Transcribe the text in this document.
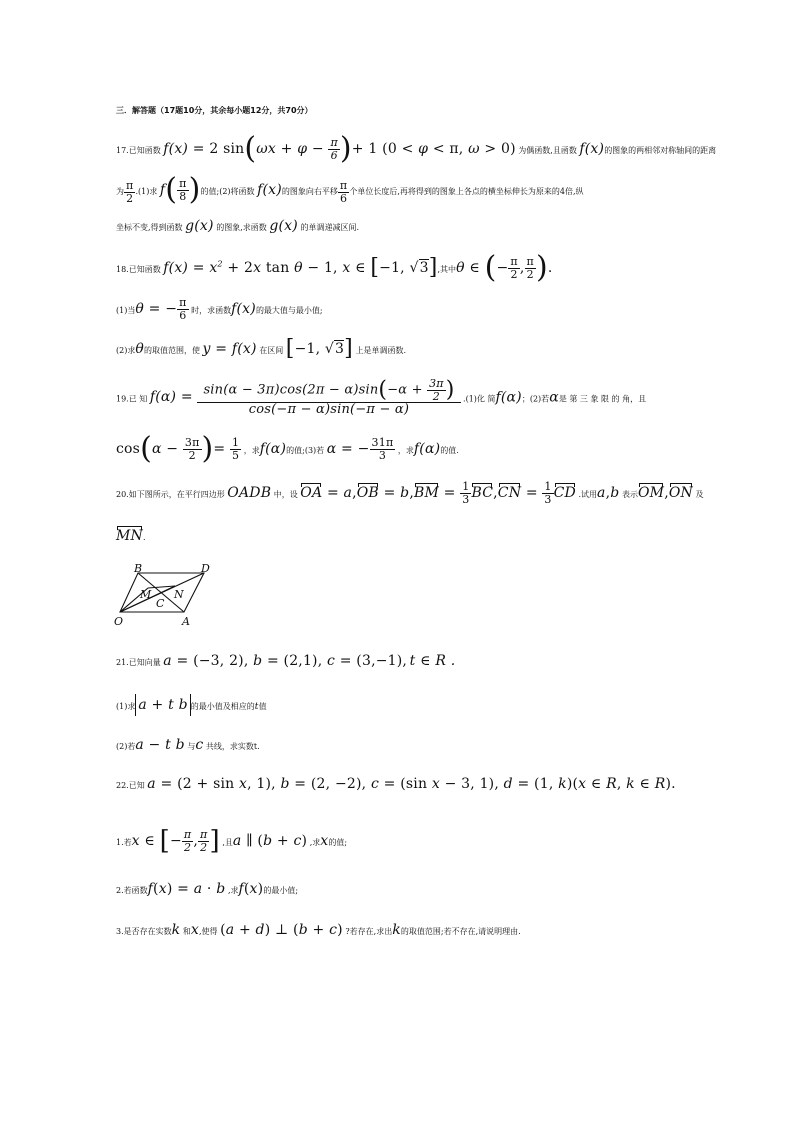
三．解答题（17题10分，其余每小题12分，共70分）
17.已知函数 f(x) = 2 $\sin(\omega x + \varphi - \frac{\pi}{6}$ )+ 1 (0 < φ < π, ω > 0) 为偶函数,且函数 f(x)的图象的两相邻对称轴间的距离
为 $\frac{\pi}{2} .(1)$求 $f( \frac{\pi}{8}$ )的值;(2)将函数 f(x)的图象向右平移 $\frac{\pi}{6}$ 个单位长度后,再将得到的图象上各点的横坐标伸长为原来的4倍,纵
坐标不变,得到函数 g(x) 的图象,求函数 g(x) 的单调递减区间.
18.已知函数 $f(x) = x^2 + 2x$ tan θ − 1, x ∈ [−1, √3],其中θ ∈ (− $\frac{\pi}{2}$ , $\frac{\pi}{2}$ ).
(1)当θ = − $\frac{\pi}{6}$ 时，求函数f(x)的最大值与最小值;
(2)求θ的取值范围，使 y = f(x) 在区间 [−1, √3] 上是单调函数.
19.已 知 $f(\alpha) = \frac{\sin(\alpha - 3\pi)\cos(2\pi - \alpha)\sin(-\alpha + \frac{3\pi}{2} )}{\cos(-\pi - \alpha)\sin(-\pi - \alpha)} .(1)$化 简f(α)；(2)若α是 第 三 象 限 的 角，且
$\cos(\alpha - \frac{3\pi}{2}$ )= $\frac{1}{5}$ ，求f(α)的值;(3)若 α = − $\frac{31\pi}{3}$ ，求f(α)的值.
20.如下图所示，在平行四边形 OADB 中，设 OA = $a,OB = b,BM = \frac{1}{3} BC,CN = \frac{1}{3}$ CD .试用a,b 表示OM,ON 及
MN.
B	D
M N
C
O	A
21.已知向量 a = (−3, 2), b = (2,1), c = (3,−1), t ∈ R .
(1)求 a + t b 的最小值及相应的t值
(2)若a − t b 与c 共线，求实数t.
22.已知 a = (2 + sin x, 1), b = (2, −2), c = (sin x − 3, 1), d = (1, k)(x ∈ R, k ∈ R).
1.若x ∈ [− $\frac{\pi}{2}$ , $\frac{\pi}{2}$ ] ,且a ∥ (b + c) ,求x的值;
2.若函数f(x) = a · b ,求f(x)的最小值;
3.是否存在实数k 和x,使得 (a + d) ⊥ (b + c) ?若存在,求出k的取值范围;若不存在,请说明理由.
